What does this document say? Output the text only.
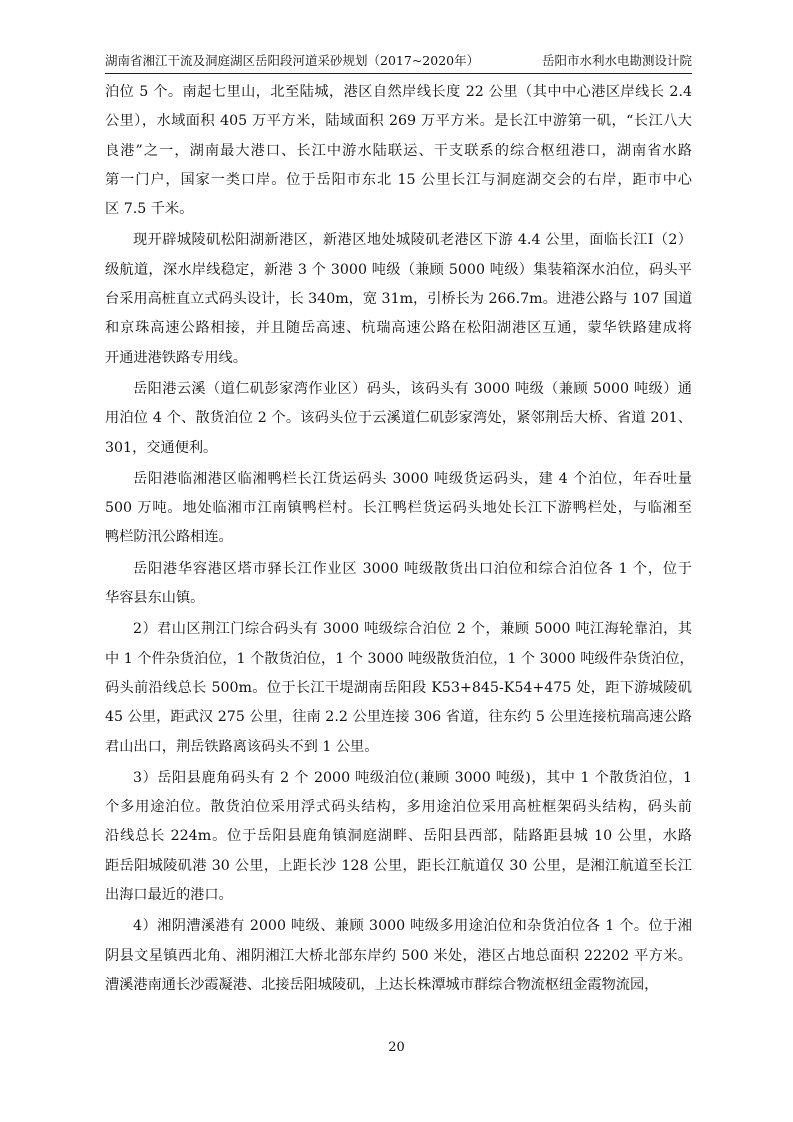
湖南省湘江干流及洞庭湖区岳阳段河道采砂规划（2017~2020年）	岳阳市水利水电勘测设计院
泊位 5 个。南起七里山，北至陆城，港区自然岸线长度 22 公里（其中中心港区岸线长 2.4
公里），水域面积 405 万平方米，陆域面积 269 万平方米。是长江中游第一矶，“长江八大
良港”之一，湖南最大港口、长江中游水陆联运、干支联系的综合枢纽港口，湖南省水路
第一门户，国家一类口岸。位于岳阳市东北 15 公里长江与洞庭湖交会的右岸，距市中心
区 7.5 千米。
现开辟城陵矶松阳湖新港区，新港区地处城陵矶老港区下游 4.4 公里，面临长江Ⅰ（2）
级航道，深水岸线稳定，新港 3 个 3000 吨级（兼顾 5000 吨级）集装箱深水泊位，码头平
台采用高桩直立式码头设计，长 340m，宽 31m，引桥长为 266.7m。进港公路与 107 国道
和京珠高速公路相接，并且随岳高速、杭瑞高速公路在松阳湖港区互通，蒙华铁路建成将
开通进港铁路专用线。
岳阳港云溪（道仁矶彭家湾作业区）码头，该码头有 3000 吨级（兼顾 5000 吨级）通
用泊位 4 个、散货泊位 2 个。该码头位于云溪道仁矶彭家湾处，紧邻荆岳大桥、省道 201、
301，交通便利。
岳阳港临湘港区临湘鸭栏长江货运码头 3000 吨级货运码头，建 4 个泊位，年吞吐量
500 万吨。地处临湘市江南镇鸭栏村。长江鸭栏货运码头地处长江下游鸭栏处，与临湘至
鸭栏防汛公路相连。
岳阳港华容港区塔市驿长江作业区 3000 吨级散货出口泊位和综合泊位各 1 个，位于
华容县东山镇。
2）君山区荆江门综合码头有 3000 吨级综合泊位 2 个，兼顾 5000 吨江海轮靠泊，其
中 1 个件杂货泊位，1 个散货泊位，1 个 3000 吨级散货泊位，1 个 3000 吨级件杂货泊位，
码头前沿线总长 500m。位于长江干堤湖南岳阳段 K53+845-K54+475 处，距下游城陵矶
45 公里，距武汉 275 公里，往南 2.2 公里连接 306 省道，往东约 5 公里连接杭瑞高速公路
君山出口，荆岳铁路离该码头不到 1 公里。
3）岳阳县鹿角码头有 2 个 2000 吨级泊位(兼顾 3000 吨级)，其中 1 个散货泊位，1
个多用途泊位。散货泊位采用浮式码头结构，多用途泊位采用高桩框架码头结构，码头前
沿线总长 224m。位于岳阳县鹿角镇洞庭湖畔、岳阳县西部，陆路距县城 10 公里，水路
距岳阳城陵矶港 30 公里，上距长沙 128 公里，距长江航道仅 30 公里，是湘江航道至长江
出海口最近的港口。
4）湘阴漕溪港有 2000 吨级、兼顾 3000 吨级多用途泊位和杂货泊位各 1 个。位于湘
阴县文星镇西北角、湘阴湘江大桥北部东岸约 500 米处，港区占地总面积 22202 平方米。
漕溪港南通长沙霞凝港、北接岳阳城陵矶，上达长株潭城市群综合物流枢纽金霞物流园，
20
